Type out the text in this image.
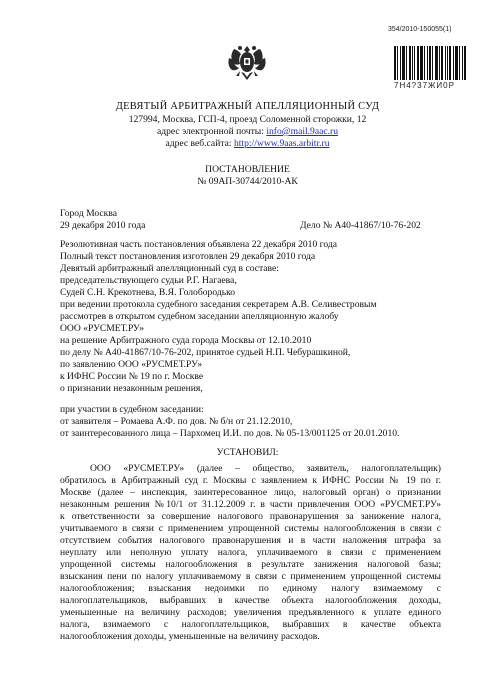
354/2010-150055(1)
7H4?37ЖИ0Р
ДЕВЯТЫЙ АРБИТРАЖНЫЙ АПЕЛЛЯЦИОННЫЙ СУД
127994, Москва, ГСП-4, проезд Соломенной сторожки, 12
адрес электронной почты: info@mail.9aac.ru
адрес веб.сайта: http://www.9aas.arbitr.ru
ПОСТАНОВЛЕНИЕ
№ 09АП-30744/2010-АК
Город Москва
29 декабря 2010 года	Дело № А40-41867/10-76-202
Резолютивная часть постановления объявлена 22 декабря 2010 года
Полный текст постановления изготовлен 29 декабря 2010 года
Девятый арбитражный апелляционный суд в составе:
председательствующего судьи Р.Г. Нагаева,
Судей С.Н. Крекотнева, В.Я. Голобородько
при ведении протокола судебного заседания секретарем А.В. Селивестровым
рассмотрев в открытом судебном заседании апелляционную жалобу
ООО «РУСМЕТ.РУ»
на решение Арбитражного суда города Москвы от 12.10.2010
по делу № А40-41867/10-76-202, принятое судьей Н.П. Чебурашкиной,
по заявлению ООО «РУСМЕТ.РУ»
к ИФНС России № 19 по г. Москве
о признании незаконным решения,
при участии в судебном заседании:
от заявителя – Ромаева А.Ф. по дов. № б/н от 21.12.2010,
от заинтересованного лица – Пархомец И.И. по дов. № 05-13/001125 от 20.01.2010.
УСТАНОВИЛ:
ООО «РУСМЕТ.РУ» (далее – общество, заявитель, налогоплательщик)
обратилось в Арбитражный суд г. Москвы с заявлением к ИФНС России № 19 по г.
Москве (далее – инспекция, заинтересованное лицо, налоговый орган) о признании
незаконным решения №10/1 от 31.12.2009 г. в части привлечения ООО «РУСМЕТ.РУ»
к ответственности за совершение налогового правонарушения за занижение налога,
учитываемого в связи с применением упрощенной системы налогообложения в связи с
отсутствием события налогового правонарушения и в части наложения штрафа за
неуплату или неполную уплату налога, уплачиваемого в связи с применением
упрощенной системы налогообложения в результате занижения налоговой базы;
взыскания пени по налогу уплачиваемому в связи с применением упрощенной системы
налогообложения; взыскания недоимки по единому налогу взимаемому с
налогоплательщиков, выбравших в качестве объекта налогообложения доходы,
уменьшенные на величину расходов; увеличения предъявленного к уплате единого
налога, взимаемого с налогоплательщиков, выбравших в качестве объекта
налогообложения доходы, уменьшенные на величину расходов.
